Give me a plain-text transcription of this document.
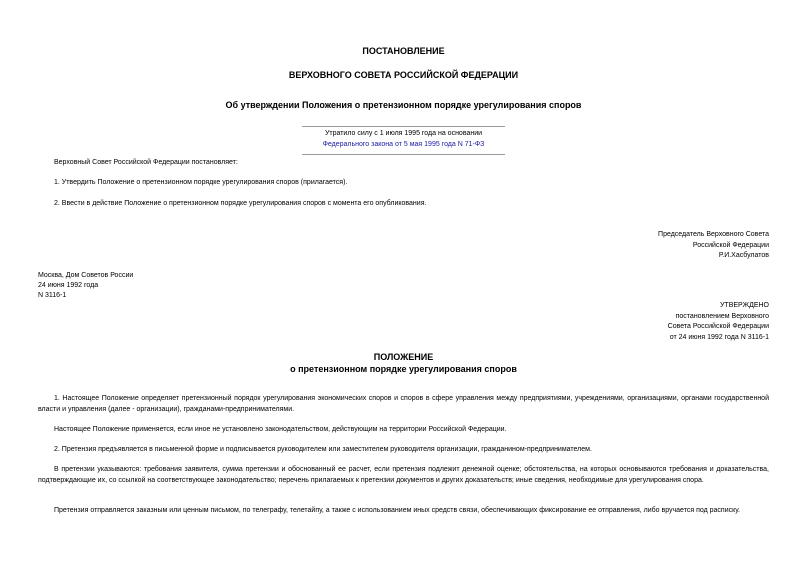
ПОСТАНОВЛЕНИЕ
ВЕРХОВНОГО СОВЕТА РОССИЙСКОЙ ФЕДЕРАЦИИ
Об утверждении Положения о претензионном порядке урегулирования споров
Утратило силу с 1 июля 1995 года на основании
Федерального закона от 5 мая 1995 года N 71-ФЗ
Верховный Совет Российской Федерации постановляет:
1. Утвердить Положение о претензионном порядке урегулирования споров (прилагается).
2. Ввести в действие Положение о претензионном порядке урегулирования споров с момента его опубликования.
Председатель Верховного Совета
Российской Федерации
Р.И.Хасбулатов
Москва, Дом Советов России
24 июня 1992 года
N 3116-1
УТВЕРЖДЕНО
постановлением Верховного
Совета Российской Федерации
от 24 июня 1992 года N 3116-1
ПОЛОЖЕНИЕ
о претензионном порядке урегулирования споров
1. Настоящее Положение определяет претензионный порядок урегулирования экономических споров и споров в сфере управления между предприятиями, учреждениями, организациями, органами государственной власти и управления (далее - организации), гражданами-предпринимателями.
Настоящее Положение применяется, если иное не установлено законодательством, действующим на территории Российской Федерации.
2. Претензия предъявляется в письменной форме и подписывается руководителем или заместителем руководителя организации, гражданином-предпринимателем.
В претензии указываются: требования заявителя, сумма претензии и обоснованный ее расчет, если претензия подлежит денежной оценке; обстоятельства, на которых основываются требования и доказательства, подтверждающие их, со ссылкой на соответствующее законодательство; перечень прилагаемых к претензии документов и других доказательств; иные сведения, необходимые для урегулирования спора.
Претензия отправляется заказным или ценным письмом, по телеграфу, телетайпу, а также с использованием иных средств связи, обеспечивающих фиксирование ее отправления, либо вручается под расписку.
